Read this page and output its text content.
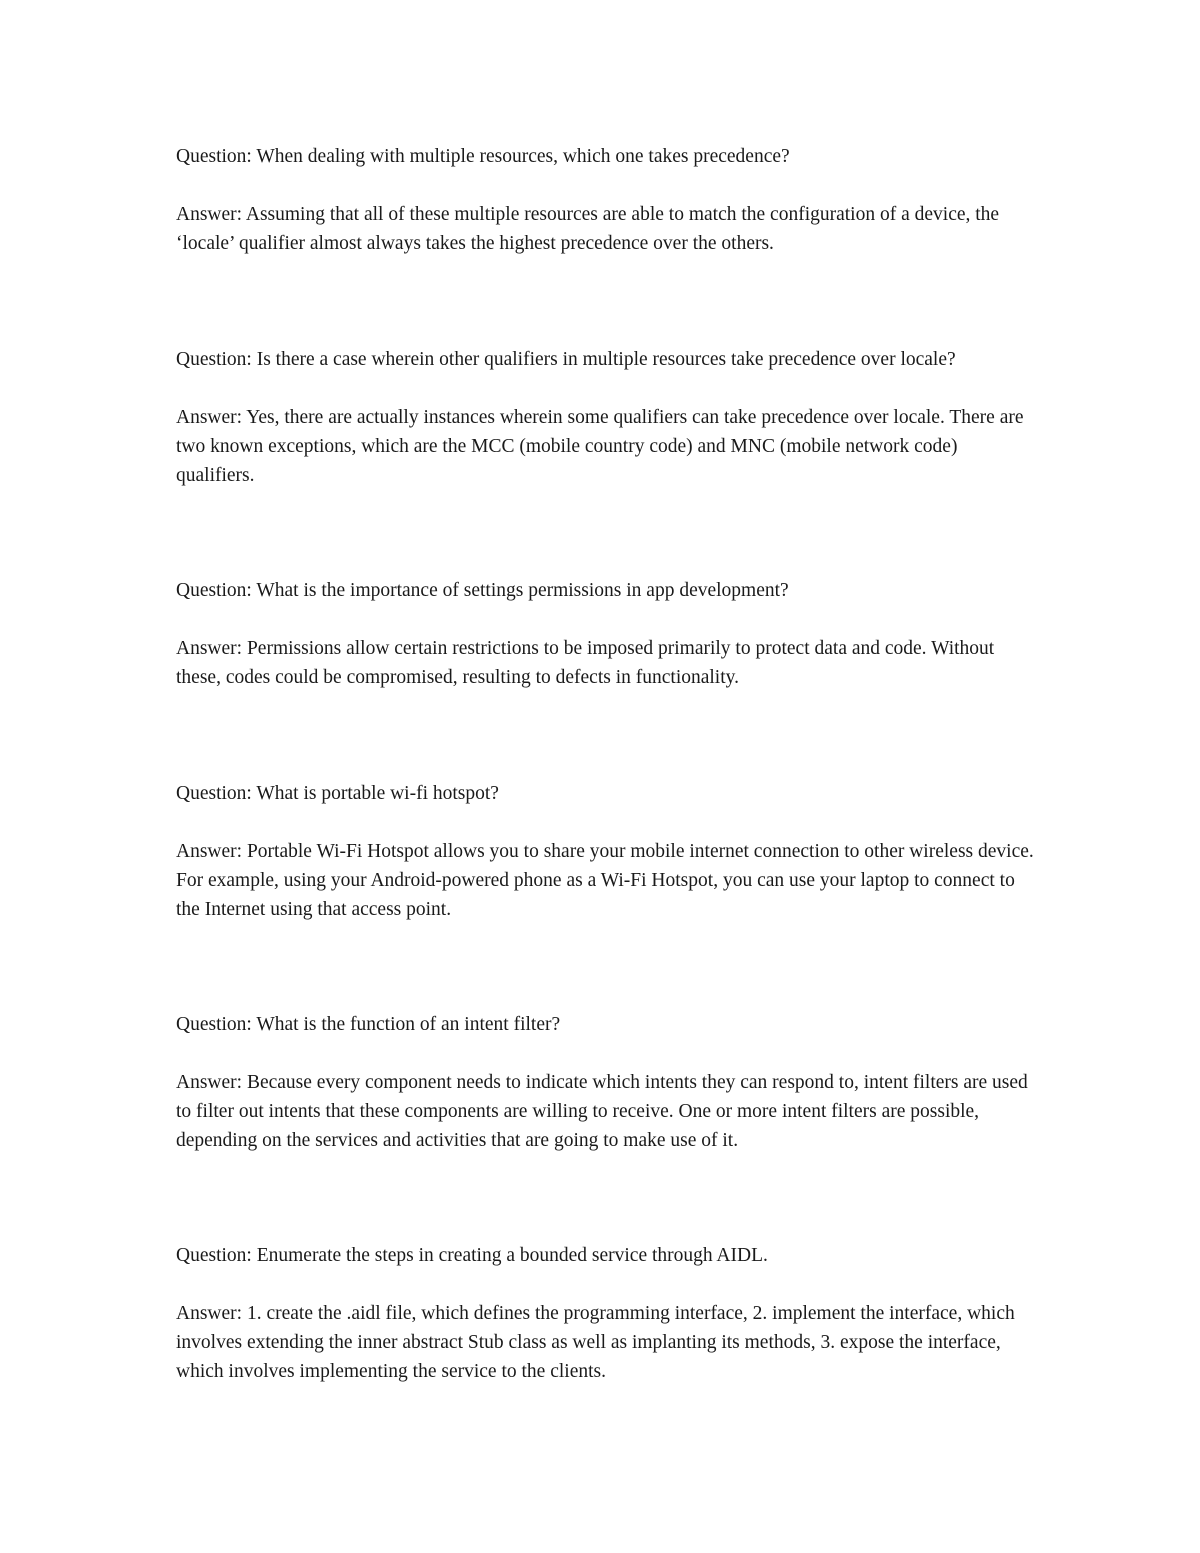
Question: When dealing with multiple resources, which one takes precedence?

Answer: Assuming that all of these multiple resources are able to match the configuration of a device, the ‘locale’ qualifier almost always takes the highest precedence over the others.

Question: Is there a case wherein other qualifiers in multiple resources take precedence over locale?

Answer: Yes, there are actually instances wherein some qualifiers can take precedence over locale. There are two known exceptions, which are the MCC (mobile country code) and MNC (mobile network code) qualifiers.

Question: What is the importance of settings permissions in app development?

Answer: Permissions allow certain restrictions to be imposed primarily to protect data and code. Without these, codes could be compromised, resulting to defects in functionality.

Question: What is portable wi-fi hotspot?

Answer: Portable Wi-Fi Hotspot allows you to share your mobile internet connection to other wireless device. For example, using your Android-powered phone as a Wi-Fi Hotspot, you can use your laptop to connect to the Internet using that access point.

Question: What is the function of an intent filter?

Answer: Because every component needs to indicate which intents they can respond to, intent filters are used to filter out intents that these components are willing to receive. One or more intent filters are possible, depending on the services and activities that are going to make use of it.

Question: Enumerate the steps in creating a bounded service through AIDL.

Answer: 1. create the .aidl file, which defines the programming interface, 2. implement the interface, which involves extending the inner abstract Stub class as well as implanting its methods, 3. expose the interface, which involves implementing the service to the clients.
